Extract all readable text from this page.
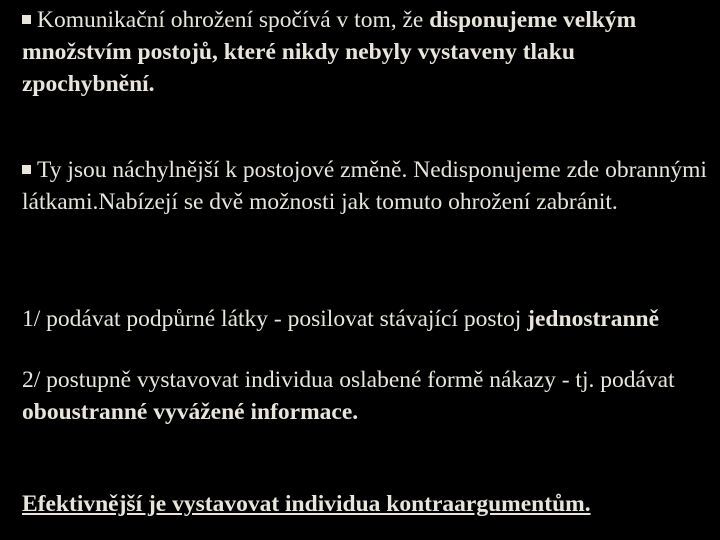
Komunikační ohrožení spočívá v tom, že disponujeme velkým množstvím postojů, které nikdy nebyly vystaveny tlaku zpochybnění.

Ty jsou náchylnější k postojové změně. Nedisponujeme zde obrannými látkami.Nabízejí se dvě možnosti jak tomuto ohrožení zabránit.

1/ podávat podpůrné látky - posilovat stávající postoj jednostranně

2/ postupně vystavovat individua oslabené formě nákazy - tj. podávat oboustranné vyvážené informace.

Efektivnější je vystavovat individua kontraargumentům.
